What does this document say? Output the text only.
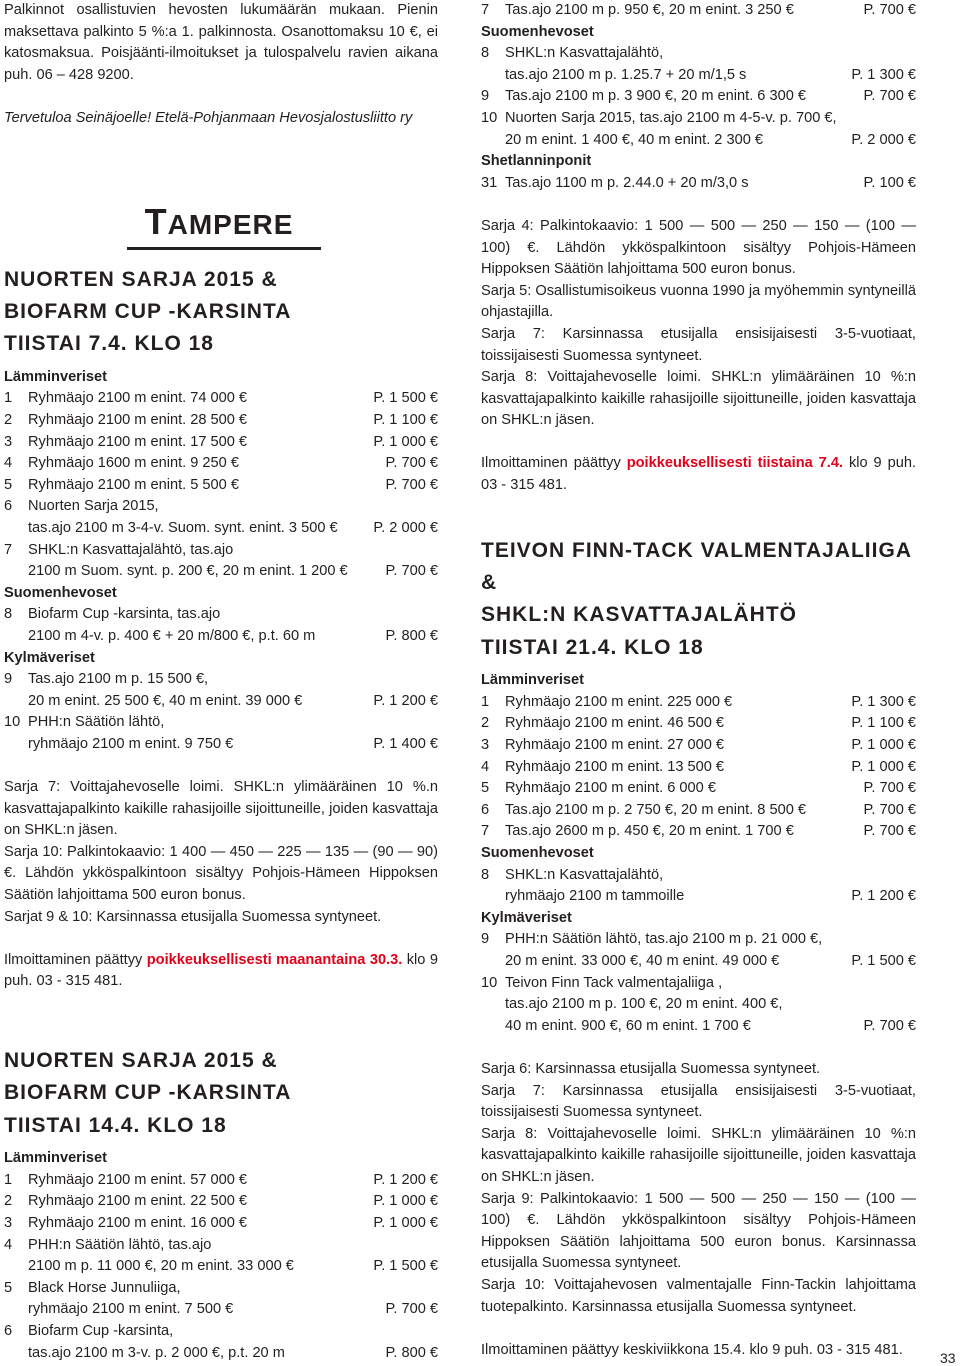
Palkinnot osallistuvien hevosten lukumäärän mukaan. Pienin maksettava palkinto 5 %:a 1. palkinnosta. Osanottomaksu 10 €, ei katosmaksua. Poisjäänti-ilmoitukset ja tulospalvelu ravien aikana puh. 06 – 428 9200.

Tervetuloa Seinäjoelle! Etelä-Pohjanmaan Hevosjalostusliitto ry

TAMPERE
NUORTEN SARJA 2015 &
BIOFARM CUP -KARSINTA
TIISTAI 7.4. KLO 18
Lämminveriset
1	Ryhmäajo 2100 m enint. 74 000 €	P. 1 500 €
2	Ryhmäajo 2100 m enint. 28 500 €	P. 1 100 €
3	Ryhmäajo 2100 m enint. 17 500 €	P. 1 000 €
4	Ryhmäajo 1600 m enint. 9 250 €	P. 700 €
5	Ryhmäajo 2100 m enint. 5 500 €	P. 700 €
6 Nuorten Sarja 2015,
tas.ajo 2100 m 3-4-v. Suom. synt. enint. 3 500 € P. 2 000 €
7 SHKL:n Kasvattajalähtö, tas.ajo
2100 m Suom. synt. p. 200 €, 20 m enint. 1 200 €	P. 700 €
Suomenhevoset
8 Biofarm Cup -karsinta, tas.ajo
2100 m 4-v. p. 400 € + 20 m/800 €, p.t. 60 m	P. 800 €
Kylmäveriset
9 Tas.ajo 2100 m p. 15 500 €,
20 m enint. 25 500 €, 40 m enint. 39 000 €	P. 1 200 €
10 PHH:n Säätiön lähtö,
ryhmäajo 2100 m enint. 9 750 €	P. 1 400 €

Sarja 7: Voittajahevoselle loimi. SHKL:n ylimääräinen 10 %.n kasvattajapalkinto kaikille rahasijoille sijoittuneille, joiden kasvattaja on SHKL:n jäsen.

Sarja 10: Palkintokaavio: 1 400 — 450 — 225 — 135 — (90 — 90) €. Lähdön ykköspalkintoon sisältyy Pohjois-Hämeen Hippoksen Säätiön lahjoittama 500 euron bonus.

Sarjat 9 & 10: Karsinnassa etusijalla Suomessa syntyneet.

Ilmoittaminen päättyy poikkeuksellisesti maanantaina 30.3. klo 9 puh. 03 - 315 481.

NUORTEN SARJA 2015 &
BIOFARM CUP -KARSINTA
TIISTAI 14.4. KLO 18
Lämminveriset
1	Ryhmäajo 2100 m enint. 57 000 €	P. 1 200 €
2	Ryhmäajo 2100 m enint. 22 500 €	P. 1 000 €
3	Ryhmäajo 2100 m enint. 16 000 €	P. 1 000 €
4 PHH:n Säätiön lähtö, tas.ajo
2100 m p. 11 000 €, 20 m enint. 33 000 €	P. 1 500 €
5 Black Horse Junnuliiga,
ryhmäajo 2100 m enint. 7 500 €	P. 700 €
6 Biofarm Cup -karsinta,
tas.ajo 2100 m 3-v. p. 2 000 €, p.t. 20 m	P. 800 €
7	Tas.ajo 2100 m p. 950 €, 20 m enint. 3 250 €	P. 700 €
Suomenhevoset
8 SHKL:n Kasvattajalähtö,
tas.ajo 2100 m p. 1.25.7 + 20 m/1,5 s	P. 1 300 €
9	Tas.ajo 2100 m p. 3 900 €, 20 m enint. 6 300 €	P. 700 €
10 Nuorten Sarja 2015, tas.ajo 2100 m 4-5-v. p. 700 €,
20 m enint. 1 400 €, 40 m enint. 2 300 €	P. 2 000 €
Shetlanninponit
31 Tas.ajo 1100 m p. 2.44.0 + 20 m/3,0 s	P. 100 €

Sarja 4: Palkintokaavio: 1 500 — 500 — 250 — 150 — (100 — 100) €. Lähdön ykköspalkintoon sisältyy Pohjois-Hämeen Hippoksen Säätiön lahjoittama 500 euron bonus.

Sarja 5: Osallistumisoikeus vuonna 1990 ja myöhemmin syntyneillä ohjastajilla.

Sarja 7: Karsinnassa etusijalla ensisijaisesti 3-5-vuotiaat, toissijaisesti Suomessa syntyneet.

Sarja 8: Voittajahevoselle loimi. SHKL:n ylimääräinen 10 %:n kasvattajapalkinto kaikille rahasijoille sijoittuneille, joiden kasvattaja on SHKL:n jäsen.

Ilmoittaminen päättyy poikkeuksellisesti tiistaina 7.4. klo 9 puh. 03 - 315 481.

TEIVON FINN-TACK VALMENTAJALIIGA &
SHKL:N KASVATTAJALÄHTÖ
TIISTAI 21.4. KLO 18
Lämminveriset
1	Ryhmäajo 2100 m enint. 225 000 €	P. 1 300 €
2	Ryhmäajo 2100 m enint. 46 500 €	P. 1 100 €
3	Ryhmäajo 2100 m enint. 27 000 €	P. 1 000 €
4	Ryhmäajo 2100 m enint. 13 500 €	P. 1 000 €
5	Ryhmäajo 2100 m enint. 6 000 €	P. 700 €
6	Tas.ajo 2100 m p. 2 750 €, 20 m enint. 8 500 €	P. 700 €
7	Tas.ajo 2600 m p. 450 €, 20 m enint. 1 700 €	P. 700 €
Suomenhevoset
8 SHKL:n Kasvattajalähtö,
ryhmäajo 2100 m tammoille	P. 1 200 €
Kylmäveriset
9 PHH:n Säätiön lähtö, tas.ajo 2100 m p. 21 000 €,
20 m enint. 33 000 €, 40 m enint. 49 000 €	P. 1 500 €
10 Teivon Finn Tack valmentajaliiga ,
tas.ajo 2100 m p. 100 €, 20 m enint. 400 €,
40 m enint. 900 €, 60 m enint. 1 700 €	P. 700 €

Sarja 6: Karsinnassa etusijalla Suomessa syntyneet.

Sarja 7: Karsinnassa etusijalla ensisijaisesti 3-5-vuotiaat, toissijaisesti Suomessa syntyneet.

Sarja 8: Voittajahevoselle loimi. SHKL:n ylimääräinen 10 %:n kasvattajapalkinto kaikille rahasijoille sijoittuneille, joiden kasvattaja on SHKL:n jäsen.

Sarja 9: Palkintokaavio: 1 500 — 500 — 250 — 150 — (100 — 100) €. Lähdön ykköspalkintoon sisältyy Pohjois-Hämeen Hippoksen Säätiön lahjoittama 500 euron bonus. Karsinnassa etusijalla Suomessa syntyneet.

Sarja 10: Voittajahevosen valmentajalle Finn-Tackin lahjoittama tuotepalkinto. Karsinnassa etusijalla Suomessa syntyneet.

Ilmoittaminen päättyy keskiviikkona 15.4. klo 9 puh. 03 - 315 481.

33
